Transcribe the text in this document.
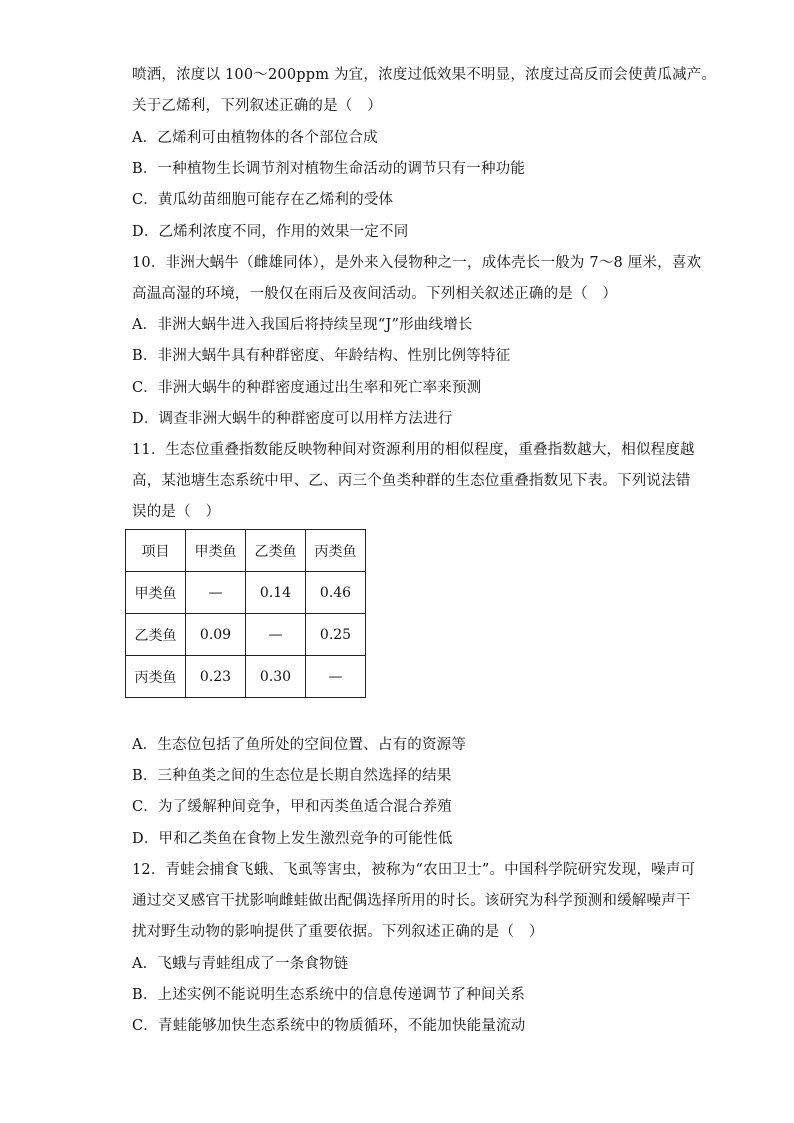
喷洒，浓度以 100～200ppm 为宜，浓度过低效果不明显，浓度过高反而会使黄瓜减产。
关于乙烯利，下列叙述正确的是（　）
A．乙烯利可由植物体的各个部位合成
B．一种植物生长调节剂对植物生命活动的调节只有一种功能
C．黄瓜幼苗细胞可能存在乙烯利的受体
D．乙烯利浓度不同，作用的效果一定不同
10．非洲大蜗牛（雌雄同体），是外来入侵物种之一，成体壳长一般为 7～8 厘米，喜欢
高温高湿的环境，一般仅在雨后及夜间活动。下列相关叙述正确的是（　）
A．非洲大蜗牛进入我国后将持续呈现“J”形曲线增长
B．非洲大蜗牛具有种群密度、年龄结构、性别比例等特征
C．非洲大蜗牛的种群密度通过出生率和死亡率来预测
D．调查非洲大蜗牛的种群密度可以用样方法进行
11．生态位重叠指数能反映物种间对资源利用的相似程度，重叠指数越大，相似程度越
高，某池塘生态系统中甲、乙、丙三个鱼类种群的生态位重叠指数见下表。下列说法错
误的是（　）
项目	甲类鱼	乙类鱼	丙类鱼
甲类鱼	—	0.14	0.46
乙类鱼	0.09	—	0.25
丙类鱼	0.23	0.30	—
A．生态位包括了鱼所处的空间位置、占有的资源等
B．三种鱼类之间的生态位是长期自然选择的结果
C．为了缓解种间竞争，甲和丙类鱼适合混合养殖
D．甲和乙类鱼在食物上发生激烈竞争的可能性低
12．青蛙会捕食飞蛾、飞虱等害虫，被称为“农田卫士”。中国科学院研究发现，噪声可
通过交叉感官干扰影响雌蛙做出配偶选择所用的时长。该研究为科学预测和缓解噪声干
扰对野生动物的影响提供了重要依据。下列叙述正确的是（　）
A．飞蛾与青蛙组成了一条食物链
B．上述实例不能说明生态系统中的信息传递调节了种间关系
C．青蛙能够加快生态系统中的物质循环，不能加快能量流动
